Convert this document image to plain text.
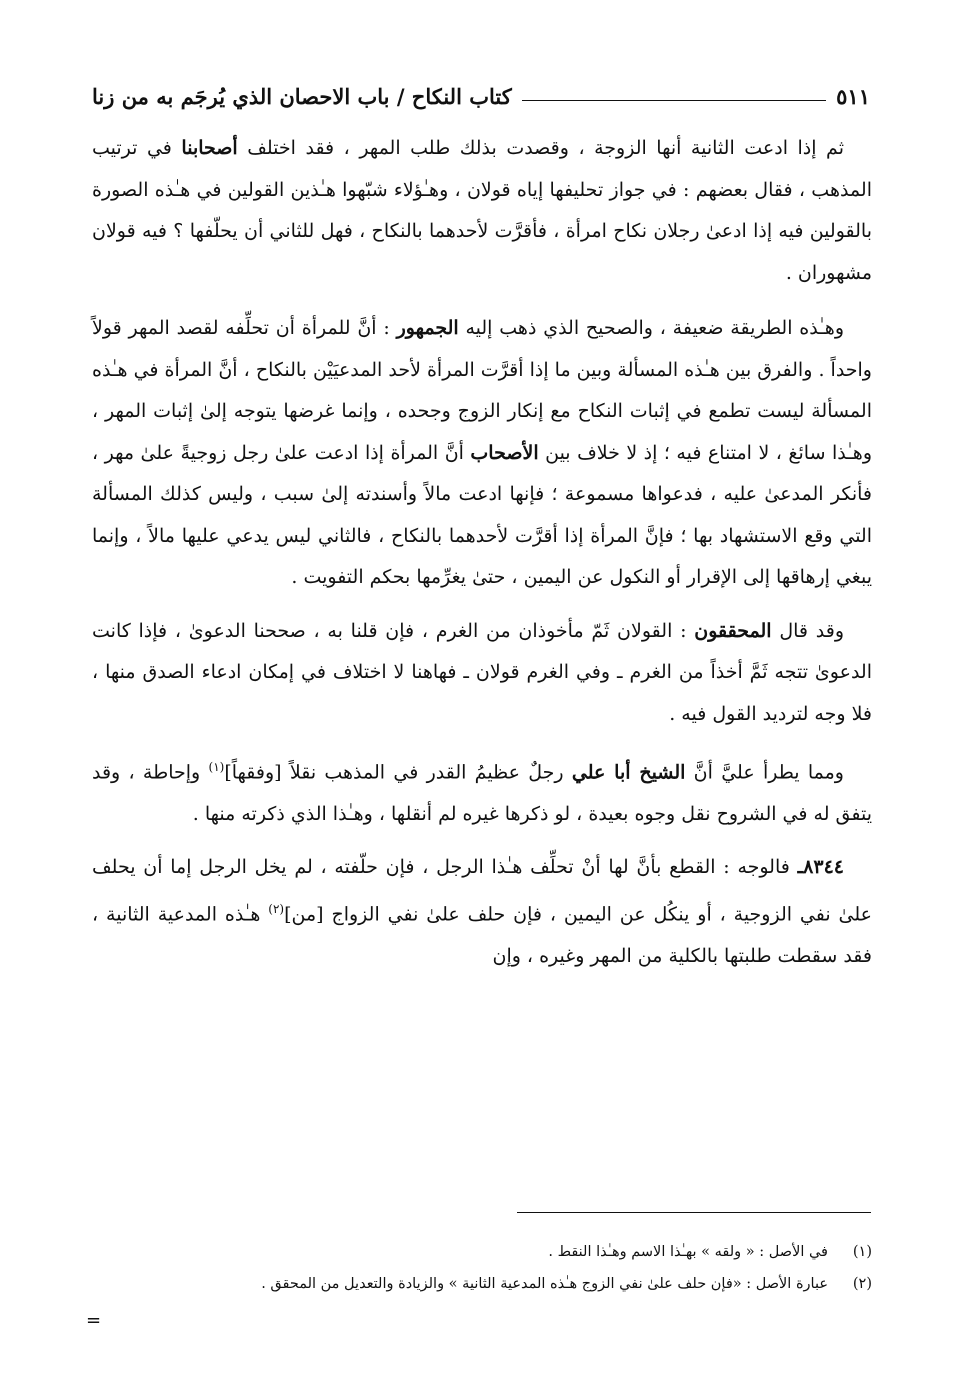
كتاب النكاح / باب الاحصان الذي يُرجَم به من زنا	٥١١

ثم إذا ادعت الثانية أنها الزوجة ، وقصدت بذلك طلب المهر ، فقد اختلف أصحابنا في ترتيب المذهب ، فقال بعضهم : في جواز تحليفها إياه قولان ، وهـٰؤلاء شبّهوا هـٰذين القولين في هـٰذه الصورة بالقولين فيه إذا ادعىٰ رجلان نكاح امرأة ، فأقرَّت لأحدهما بالنكاح ، فهل للثاني أن يحلّفها ؟ فيه قولان مشهوران .

وهـٰذه الطريقة ضعيفة ، والصحيح الذي ذهب إليه الجمهور : أنَّ للمرأة أن تحلِّفه لقصد المهر قولاً واحداً . والفرق بين هـٰذه المسألة وبين ما إذا أقرَّت المرأة لأحد المدعيَيْن بالنكاح ، أنَّ المرأة في هـٰذه المسألة ليست تطمع في إثبات النكاح مع إنكار الزوج وجحده ، وإنما غرضها يتوجه إلىٰ إثبات المهر ، وهـٰذا سائغ ، لا امتناع فيه ؛ إذ لا خلاف بين الأصحاب أنَّ المرأة إذا ادعت علىٰ رجل زوجيةً علىٰ مهر ، فأنكر المدعىٰ عليه ، فدعواها مسموعة ؛ فإنها ادعت مالاً وأسندته إلىٰ سبب ، وليس كذلك المسألة التي وقع الاستشهاد بها ؛ فإنَّ المرأة إذا أقرَّت لأحدهما بالنكاح ، فالثاني ليس يدعي عليها مالاً ، وإنما يبغي إرهاقها إلى الإقرار أو النكول عن اليمين ، حتىٰ يغرِّمها بحكم التفويت .

وقد قال المحققون : القولان ثَمّ مأخوذان من الغرم ، فإن قلنا به ، صححنا الدعوىٰ ، فإذا كانت الدعوىٰ تتجه ثَمَّ أخذاً من الغرم ـ وفي الغرم قولان ـ فهاهنا لا اختلاف في إمكان ادعاء الصدق منها ، فلا وجه لترديد القول فيه .

ومما يطرأ عليَّ أنَّ الشيخ أبا علي رجلٌ عظيمُ القدر في المذهب نقلاً [وفقهاً]$^{(١)}$ وإحاطة ، وقد يتفق له في الشروح نقل وجوه بعيدة ، لو ذكرها غيره لم أنقلها ، وهـٰذا الذي ذكرته منها .

٨٣٤٤ـ فالوجه : القطع بأنَّ لها أنْ تحلِّف هـٰذا الرجل ، فإن حلّفته ، لم يخل الرجل إما أن يحلف علىٰ نفي الزوجية ، أو ينكُل عن اليمين ، فإن حلف علىٰ نفي الزواج [من]$^{(٢)}$ هـٰذه المدعية الثانية ، فقد سقطت طلبتها بالكلية من المهر وغيره ، وإن

(١)في الأصل : « ولقه » بهـٰذا الاسم وهـٰذا النقط .
(٢)عبارة الأصل : «فإن حلف علىٰ نفي الزوج هـٰذه المدعية الثانية » والزيادة والتعديل من المحقق .
=
